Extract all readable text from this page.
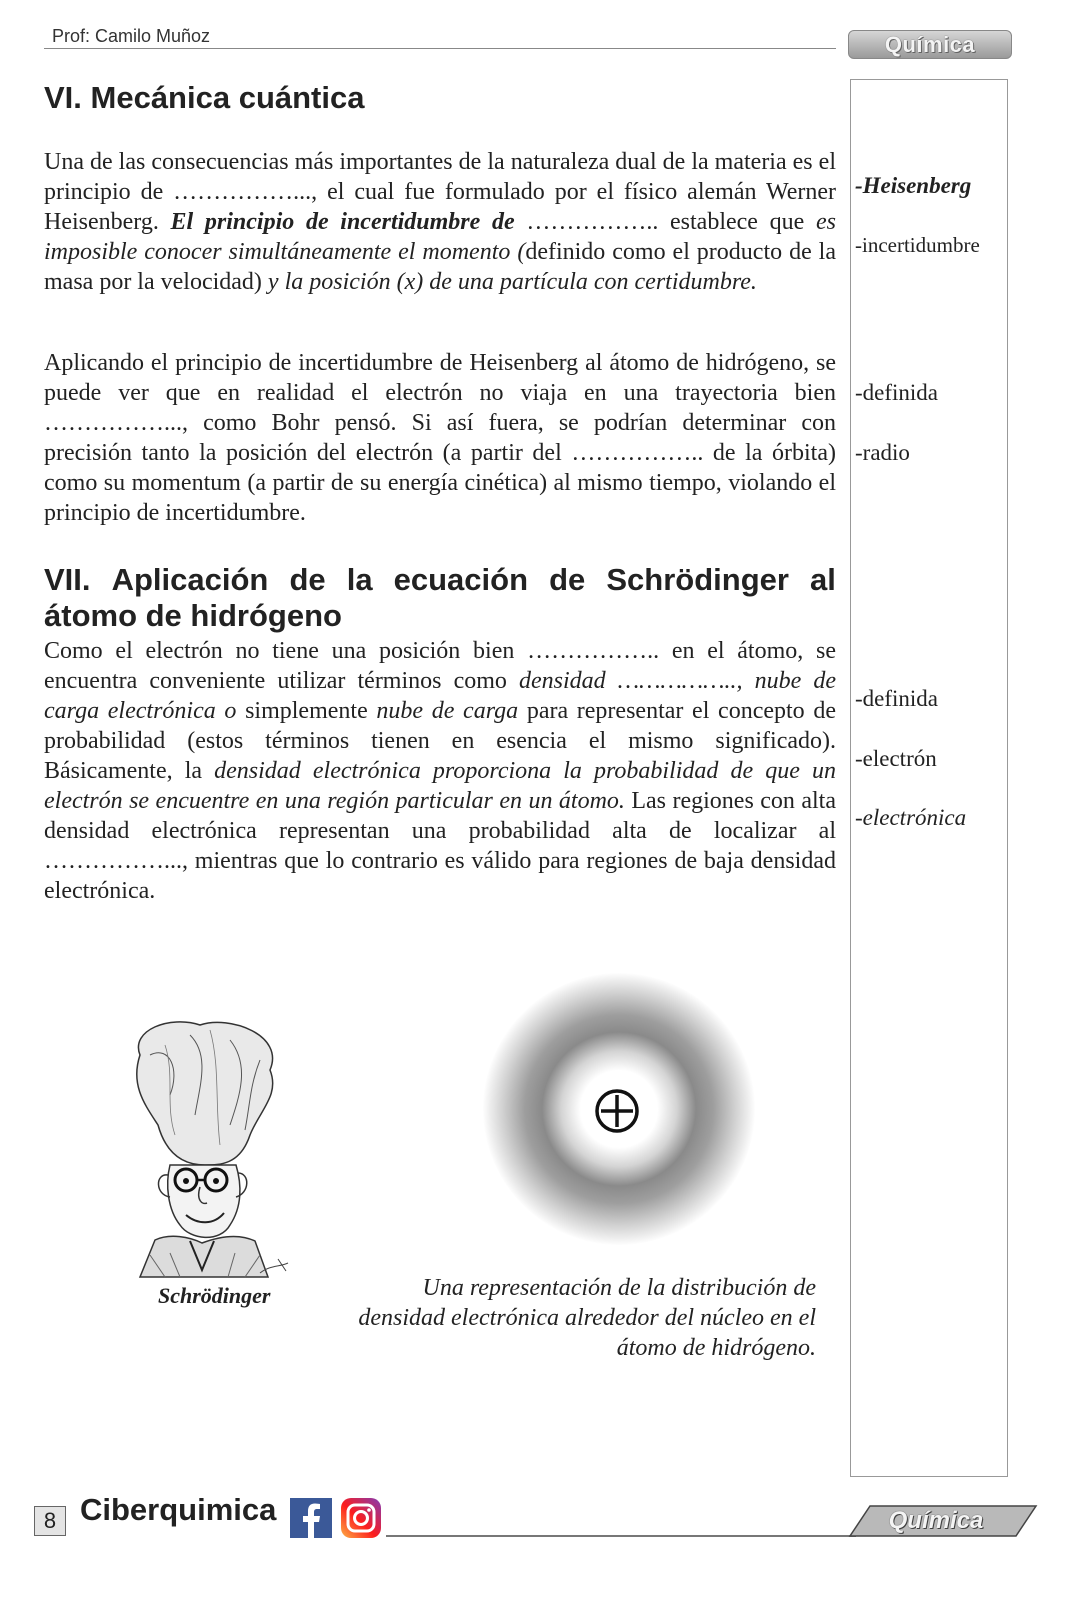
Prof: Camilo Muñoz	Química
-Heisenberg
-incertidumbre
-definida
-radio
-definida
-electrón
-electrónica
VI. Mecánica cuántica

Una de las consecuencias más importantes de la naturaleza dual de la materia es el principio de ……………..., el cual fue formulado por el físico alemán Werner Heisenberg. El principio de incertidumbre de …………….. establece que es imposible conocer simultáneamente el momento (definido como el producto de la masa por la velocidad) y la posición (x) de una partícula con certidumbre.

Aplicando el principio de incertidumbre de Heisenberg al átomo de hidrógeno, se puede ver que en realidad el electrón no viaja en una trayectoria bien ……………..., como Bohr pensó. Si así fuera, se podrían determinar con precisión tanto la posición del electrón (a partir del …………….. de la órbita) como su momentum (a partir de su energía cinética) al mismo tiempo, violando el principio de incertidumbre.

VII. Aplicación de la ecuación de Schrödinger al
átomo de hidrógeno

Como el electrón no tiene una posición bien …………….. en el átomo, se encuentra conveniente utilizar términos como densidad …………….., nube de carga electrónica o simplemente nube de carga para representar el concepto de probabilidad (estos términos tienen en esencia el mismo significado). Básicamente, la densidad electrónica proporciona la probabilidad de que un electrón se encuentre en una región particular en un átomo. Las regiones con alta densidad electrónica representan una probabilidad alta de localizar al ……………..., mientras que lo contrario es válido para regiones de baja densidad electrónica.

Schrödinger	Una representación de la distribución de densidad electrónica alrededor del núcleo en el átomo de hidrógeno.

8 Ciberquimica	Química
